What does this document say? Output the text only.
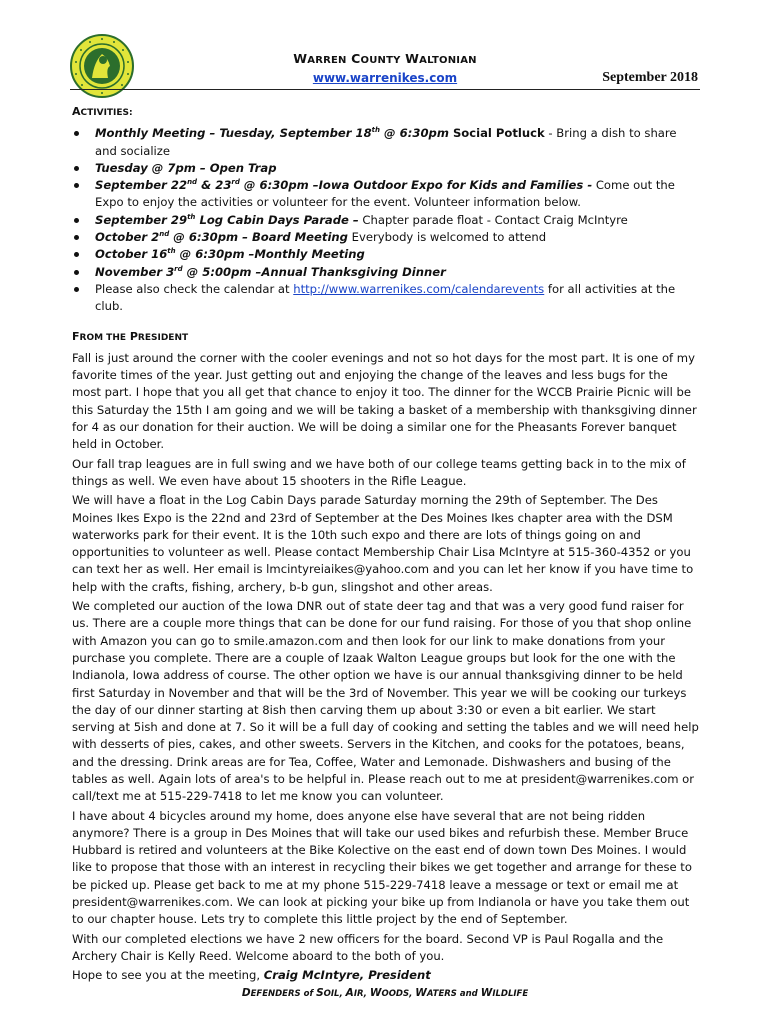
WARREN COUNTY WALTONIAN
www.warrenikes.com	September 2018
ACTIVITIES:
Monthly Meeting – Tuesday, September 18th @ 6:30pm Social Potluck - Bring a dish to share and socialize
Tuesday @ 7pm – Open Trap
September 22nd & 23rd @ 6:30pm –Iowa Outdoor Expo for Kids and Families - Come out the Expo to enjoy the activities or volunteer for the event. Volunteer information below.
September 29th Log Cabin Days Parade – Chapter parade float - Contact Craig McIntyre
October 2nd @ 6:30pm – Board Meeting Everybody is welcomed to attend
October 16th @ 6:30pm –Monthly Meeting
November 3rd @ 5:00pm –Annual Thanksgiving Dinner
Please also check the calendar at http://www.warrenikes.com/calendarevents for all activities at the club.
FROM THE PRESIDENT

Fall is just around the corner with the cooler evenings and not so hot days for the most part. It is one of my favorite times of the year. Just getting out and enjoying the change of the leaves and less bugs for the most part. I hope that you all get that chance to enjoy it too. The dinner for the WCCB Prairie Picnic will be this Saturday the 15th I am going and we will be taking a basket of a membership with thanksgiving dinner for 4 as our donation for their auction. We will be doing a similar one for the Pheasants Forever banquet held in October.

Our fall trap leagues are in full swing and we have both of our college teams getting back in to the mix of things as well. We even have about 15 shooters in the Rifle League.

We will have a float in the Log Cabin Days parade Saturday morning the 29th of September. The Des Moines Ikes Expo is the 22nd and 23rd of September at the Des Moines Ikes chapter area with the DSM waterworks park for their event. It is the 10th such expo and there are lots of things going on and opportunities to volunteer as well. Please contact Membership Chair Lisa McIntyre at 515-360-4352 or you can text her as well. Her email is lmcintyreiaikes@yahoo.com and you can let her know if you have time to help with the crafts, fishing, archery, b-b gun, slingshot and other areas.

We completed our auction of the Iowa DNR out of state deer tag and that was a very good fund raiser for us. There are a couple more things that can be done for our fund raising. For those of you that shop online with Amazon you can go to smile.amazon.com and then look for our link to make donations from your purchase you complete. There are a couple of Izaak Walton League groups but look for the one with the Indianola, Iowa address of course. The other option we have is our annual thanksgiving dinner to be held first Saturday in November and that will be the 3rd of November. This year we will be cooking our turkeys the day of our dinner starting at 8ish then carving them up about 3:30 or even a bit earlier. We start serving at 5ish and done at 7. So it will be a full day of cooking and setting the tables and we will need help with desserts of pies, cakes, and other sweets. Servers in the Kitchen, and cooks for the potatoes, beans, and the dressing. Drink areas are for Tea, Coffee, Water and Lemonade. Dishwashers and busing of the tables as well. Again lots of area's to be helpful in. Please reach out to me at president@warrenikes.com or call/text me at 515-229-7418 to let me know you can volunteer.

I have about 4 bicycles around my home, does anyone else have several that are not being ridden anymore? There is a group in Des Moines that will take our used bikes and refurbish these. Member Bruce Hubbard is retired and volunteers at the Bike Kolective on the east end of down town Des Moines. I would like to propose that those with an interest in recycling their bikes we get together and arrange for these to be picked up. Please get back to me at my phone 515-229-7418 leave a message or text or email me at president@warrenikes.com. We can look at picking your bike up from Indianola or have you take them out to our chapter house. Lets try to complete this little project by the end of September.

With our completed elections we have 2 new officers for the board. Second VP is Paul Rogalla and the Archery Chair is Kelly Reed. Welcome aboard to the both of you.

Hope to see you at the meeting, Craig McIntyre, President

DEFENDERS of SOIL, AIR, WOODS, WATERS and WILDLIFE
